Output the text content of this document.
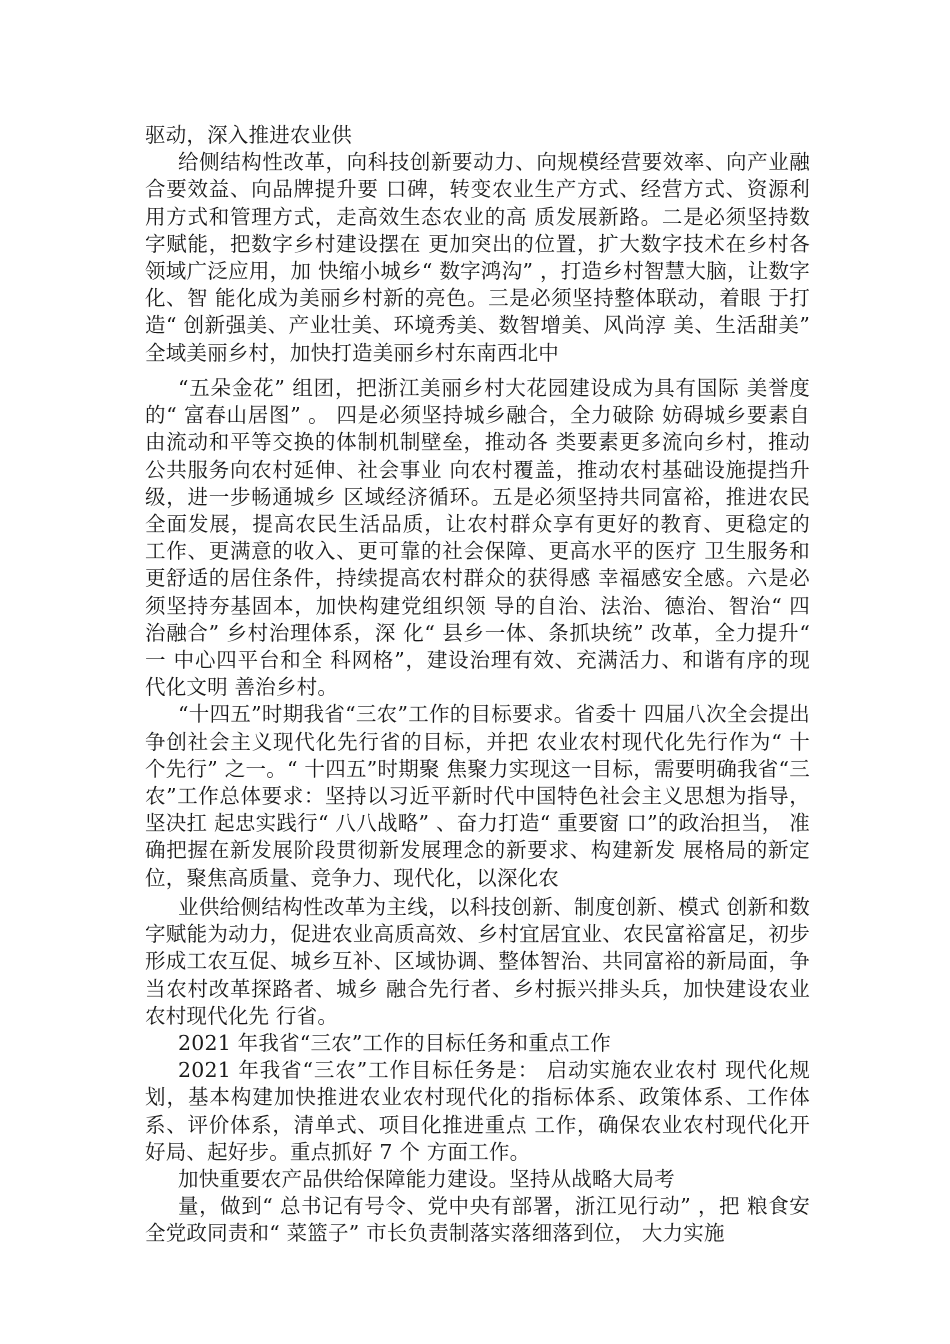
驱动，深入推进农业供

给侧结构性改革，向科技创新要动力、向规模经营要效率、向产业融合要效益、向品牌提升要 口碑，转变农业生产方式、经营方式、资源利用方式和管理方式，走高效生态农业的高 质发展新路。二是必须坚持数字赋能，把数字乡村建设摆在 更加突出的位置，扩大数字技术在乡村各领域广泛应用，加 快缩小城乡“ 数字鸿沟” ，打造乡村智慧大脑，让数字化、智 能化成为美丽乡村新的亮色。三是必须坚持整体联动，着眼 于打造“ 创新强美、产业壮美、环境秀美、数智增美、风尚淳 美、生活甜美” 全域美丽乡村，加快打造美丽乡村东南西北中

“五朵金花” 组团，把浙江美丽乡村大花园建设成为具有国际 美誉度的“ 富春山居图” 。 四是必须坚持城乡融合，全力破除 妨碍城乡要素自由流动和平等交换的体制机制壁垒，推动各 类要素更多流向乡村，推动公共服务向农村延伸、社会事业 向农村覆盖，推动农村基础设施提挡升级，进一步畅通城乡 区域经济循环。五是必须坚持共同富裕，推进农民全面发展，提高农民生活品质，让农村群众享有更好的教育、更稳定的 工作、更满意的收入、更可靠的社会保障、更高水平的医疗 卫生服务和更舒适的居住条件，持续提高农村群众的获得感 幸福感安全感。六是必须坚持夯基固本，加快构建党组织领 导的自治、法治、德治、智治“ 四治融合” 乡村治理体系，深 化“ 县乡一体、条抓块统” 改革，全力提升“ 一 中心四平台和全 科网格”，建设治理有效、充满活力、和谐有序的现代化文明 善治乡村。

“十四五”时期我省“三农”工作的目标要求。省委十 四届八次全会提出争创社会主义现代化先行省的目标，并把 农业农村现代化先行作为“ 十个先行” 之一。“ 十四五”时期聚 焦聚力实现这一目标，需要明确我省“三农”工作总体要求：坚持以习近平新时代中国特色社会主义思想为指导，坚决扛 起忠实践行“ 八八战略” 、奋力打造“ 重要窗 口”的政治担当， 准确把握在新发展阶段贯彻新发展理念的新要求、构建新发 展格局的新定位，聚焦高质量、竞争力、现代化，以深化农

业供给侧结构性改革为主线，以科技创新、制度创新、模式 创新和数字赋能为动力，促进农业高质高效、乡村宜居宜业、农民富裕富足，初步形成工农互促、城乡互补、区域协调、整体智治、共同富裕的新局面，争当农村改革探路者、城乡 融合先行者、乡村振兴排头兵，加快建设农业农村现代化先 行省。

2021 年我省“三农”工作的目标任务和重点工作

2021 年我省“三农”工作目标任务是： 启动实施农业农村 现代化规划，基本构建加快推进农业农村现代化的指标体系、政策体系、工作体系、评价体系，清单式、项目化推进重点 工作，确保农业农村现代化开好局、起好步。重点抓好 7 个 方面工作。

加快重要农产品供给保障能力建设。坚持从战略大局考

量，做到“ 总书记有号令、党中央有部署，浙江见行动” ，把 粮食安全党政同责和“ 菜篮子” 市长负责制落实落细落到位， 大力实施
